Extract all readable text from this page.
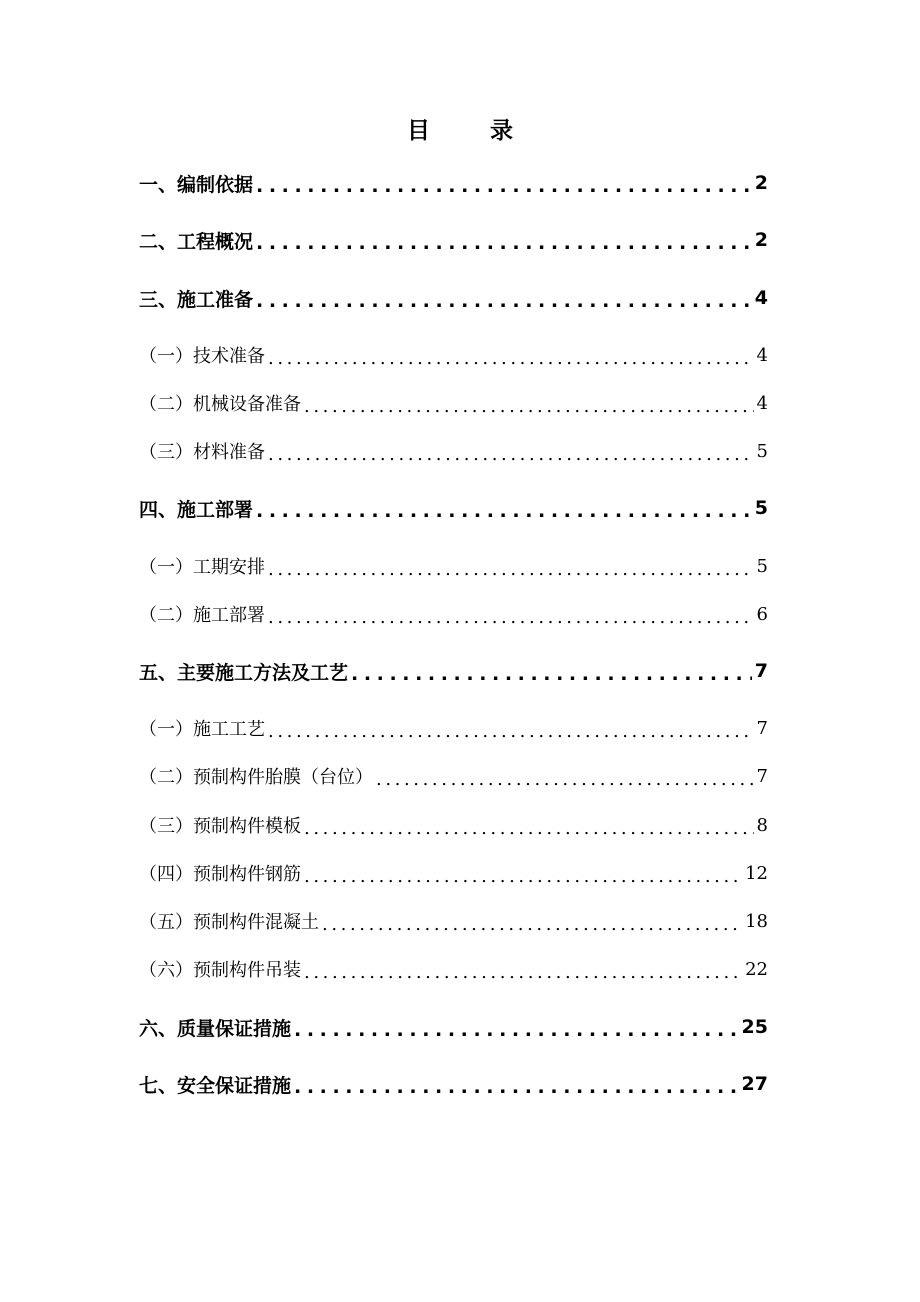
目 录
一、编制依据 .....	2
二、工程概况 .....	2
三、施工准备 .....	4
（一）技术准备 .....	4
（二）机械设备准备 .....	4
（三）材料准备 .....	5
四、施工部署 .....	5
（一）工期安排 .....	5
（二）施工部署 .....	6
五、主要施工方法及工艺 .....	7
（一）施工工艺 .....	7
（二）预制构件胎膜（台位） .....	7
（三）预制构件模板 .....	8
（四）预制构件钢筋 .....	12
（五）预制构件混凝土 .....	18
（六）预制构件吊装 .....	22
六、质量保证措施 .....	25
七、安全保证措施 .....	27
